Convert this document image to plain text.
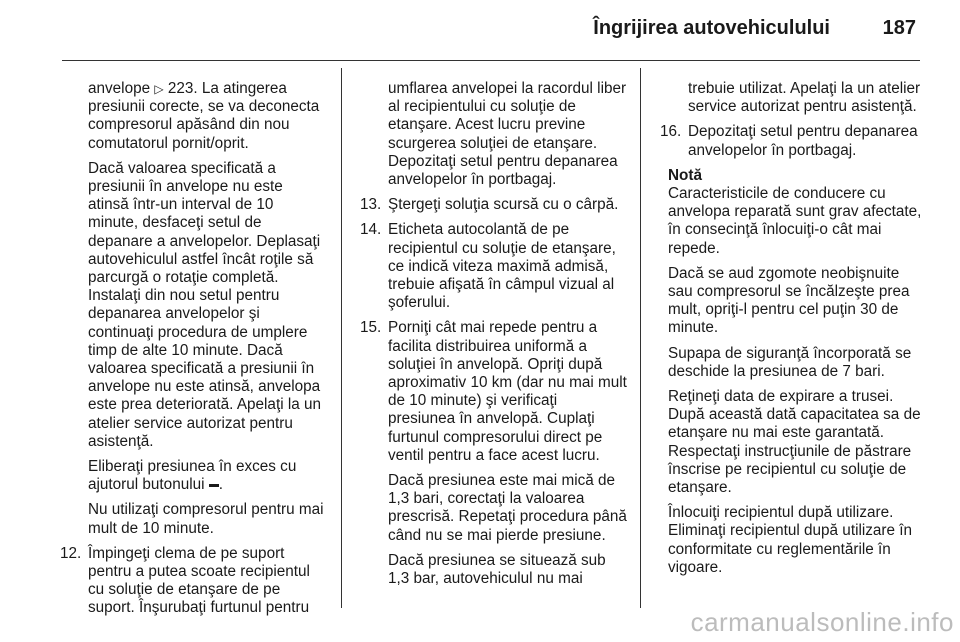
Îngrijirea autovehiculului	187

anvelope ▷ 223. La atingerea presiunii corecte, se va deconecta compresorul apăsând din nou comutatorul pornit/oprit.

Dacă valoarea specificată a presiunii în anvelope nu este atinsă într-un interval de 10 minute, desfaceţi setul de depanare a anvelopelor. Deplasaţi autovehiculul astfel încât roţile să parcurgă o rotaţie completă. Instalaţi din nou setul pentru depanarea anvelopelor şi continuaţi procedura de umplere timp de alte 10 minute. Dacă valoarea specificată a presiunii în anvelope nu este atinsă, anvelopa este prea deteriorată. Apelaţi la un atelier service autorizat pentru asistenţă.

Eliberaţi presiunea în exces cu ajutorul butonului .

Nu utilizaţi compresorul pentru mai mult de 10 minute.

12. Împingeţi clema de pe suport pentru a putea scoate recipientul cu soluţie de etanşare de pe suport. Înşurubaţi furtunul pentru

umflarea anvelopei la racordul liber al recipientului cu soluţie de etanşare. Acest lucru previne scurgerea soluţiei de etanşare. Depozitaţi setul pentru depanarea anvelopelor în portbagaj.

13. Ştergeţi soluţia scursă cu o cârpă.
14. Eticheta autocolantă de pe recipientul cu soluţie de etanşare, ce indică viteza maximă admisă, trebuie afişată în câmpul vizual al şoferului.
15. Porniţi cât mai repede pentru a facilita distribuirea uniformă a soluţiei în anvelopă. Opriţi după aproximativ 10 km (dar nu mai mult de 10 minute) şi verificaţi presiunea în anvelopă. Cuplaţi furtunul compresorului direct pe ventil pentru a face acest lucru.

Dacă presiunea este mai mică de 1,3 bari, corectaţi la valoarea prescrisă. Repetaţi procedura până când nu se mai pierde presiune.

Dacă presiunea se situează sub 1,3 bar, autovehiculul nu mai

trebuie utilizat. Apelaţi la un atelier service autorizat pentru asistenţă.

16. Depozitaţi setul pentru depanarea anvelopelor în portbagaj.

Notă

Caracteristicile de conducere cu anvelopa reparată sunt grav afectate, în consecinţă înlocuiţi-o cât mai repede.

Dacă se aud zgomote neobişnuite sau compresorul se încălzeşte prea mult, opriţi-l pentru cel puţin 30 de minute.

Supapa de siguranţă încorporată se deschide la presiunea de 7 bari.

Reţineţi data de expirare a trusei. După această dată capacitatea sa de etanşare nu mai este garantată. Respectaţi instrucţiunile de păstrare înscrise pe recipientul cu soluţie de etanşare.

Înlocuiţi recipientul după utilizare. Eliminaţi recipientul după utilizare în conformitate cu reglementările în vigoare.

carmanualsonline.info
